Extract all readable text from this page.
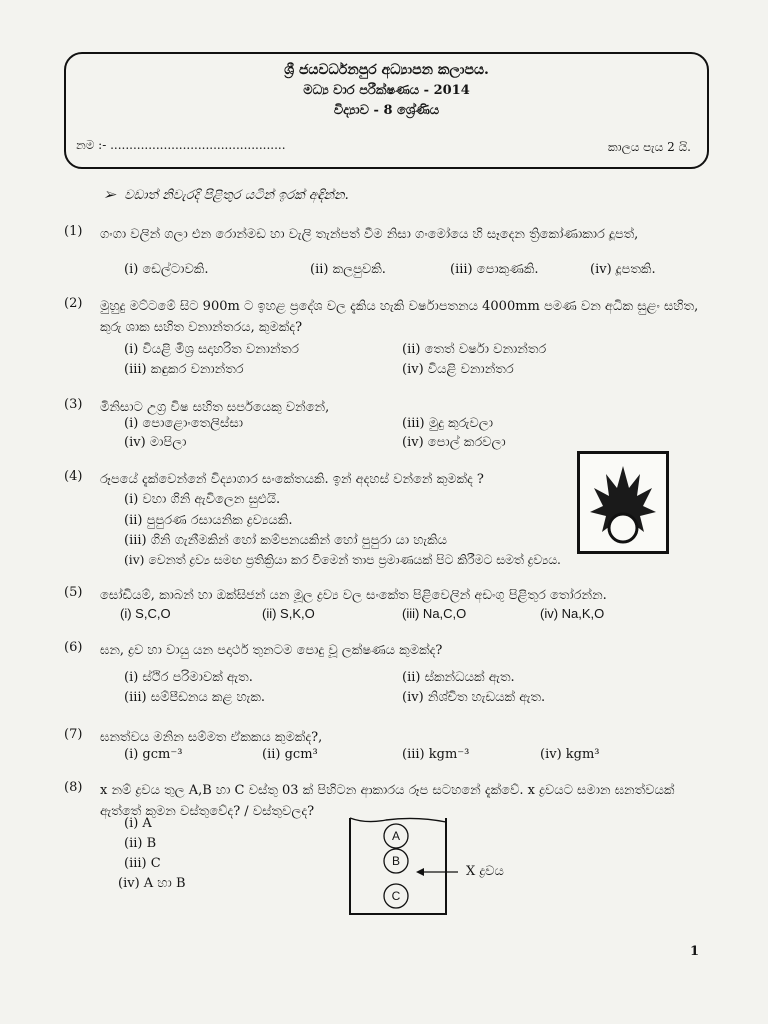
ශ්‍රී ජයවර්ධනපුර අධ්‍යාපන කලාපය.
මධ්‍ය වාර පරීක්ෂණය - 2014
විද්‍යාව - 8 ශ්‍රේණිය
නම :- ..............................................	කාලය පැය 2 යි.
➢  වඩාත් නිවැරදි පිළිතුර යටින් ඉරක් අඳින්න.
(1) ගංගා වලින් ගලා එන රොන්මඩ හා වැලි තැන්පත් වීම නිසා ගංමෝයෙ හි සෑදෙන ත්‍රිකෝණාකාර දූපත්,
(i) ඩෙල්ටාවකි.	(ii) කලපුවකි.	(iii) පොකුණකි.	(iv) දූපතකි.
(2) මුහුදු මට්ටමේ සිට 900m ට ඉහළ ප්‍රදේශ වල දැකිය හැකි වර්ෂාපතනය 4000mm පමණ වන අධික සුළං සහිත, කුරු ශාක සහිත වනාන්තරය, කුමක්ද?
(i) වියළි මිශ්‍ර සදාහරිත වනාන්තර	(ii) තෙත් වර්ෂා වනාන්තර
(iii) කඳුකර වනාන්තර	(iv) වියළි වනාන්තර
(3) මිනිසාට උග්‍ර විෂ සහිත සර්පයෙකු වන්නේ,
(i) පොළොංතෙලිස්සා	(iii) මුදු කුරුවලා
(iv) මාපිලා	(iv) පොල් කරවලා
(4) රූපයේ දැක්වෙන්නේ විද්‍යාගාර සංකේතයකි. ඉන් අදහස් වන්නේ කුමක්ද ?
(i) වහා ගිනි ඇවිලෙන සුළුයි.
(ii) පුපුරණ රසායනික ද්‍රව්‍යයකි.
(iii) ගිනි ගැනීමකින් හෝ කම්පනයකින් හෝ පුපුරා යා හැකිය
(iv) වෙනත් ද්‍රව්‍ය සමඟ ප්‍රතික්‍රියා කර විමෙන් තාප ප්‍රමාණයක් පිට කිරීමට සමත් ද්‍රව්‍යය.
(5) සෝඩියම්, කාබන් හා ඔක්සිජන් යන මූල ද්‍රව්‍ය වල සංකේත පිළිවෙලින් අඩංගු පිළිතුර තෝරන්න.
(i) S,C,O	(ii) S,K,O	(iii) Na,C,O	(iv) Na,K,O
(6) ඝන, ද්‍රව හා වායු යන පදාර්ථ තුනටම පොදු වූ ලක්ෂණය කුමක්ද?
(i) ස්ථිර පරිමාවක් ඇත.	(ii) ස්කන්ධයක් ඇත.
(iii) සම්පීඩනය කළ හැක.	(iv) නිශ්චිත හැඩයක් ඇත.
(7) ඝනත්වය මනින සම්මත ඒකකය කුමක්ද?,
(i) gcm⁻³	(ii) gcm³	(iii) kgm⁻³	(iv) kgm³
(8) x නම් ද්‍රවය තුල A,B හා C වස්තු 03 ක් පිහිටන ආකාරය රූප සටහනේ දැක්වේ. x ද්‍රවයට සමාන ඝනත්වයක් ඇත්තේ කුමන වස්තුවේද? / වස්තුවලද?
(i) A
(ii) B
(iii) C
(iv) A හා B
A
B
C
X ද්‍රවය
1
